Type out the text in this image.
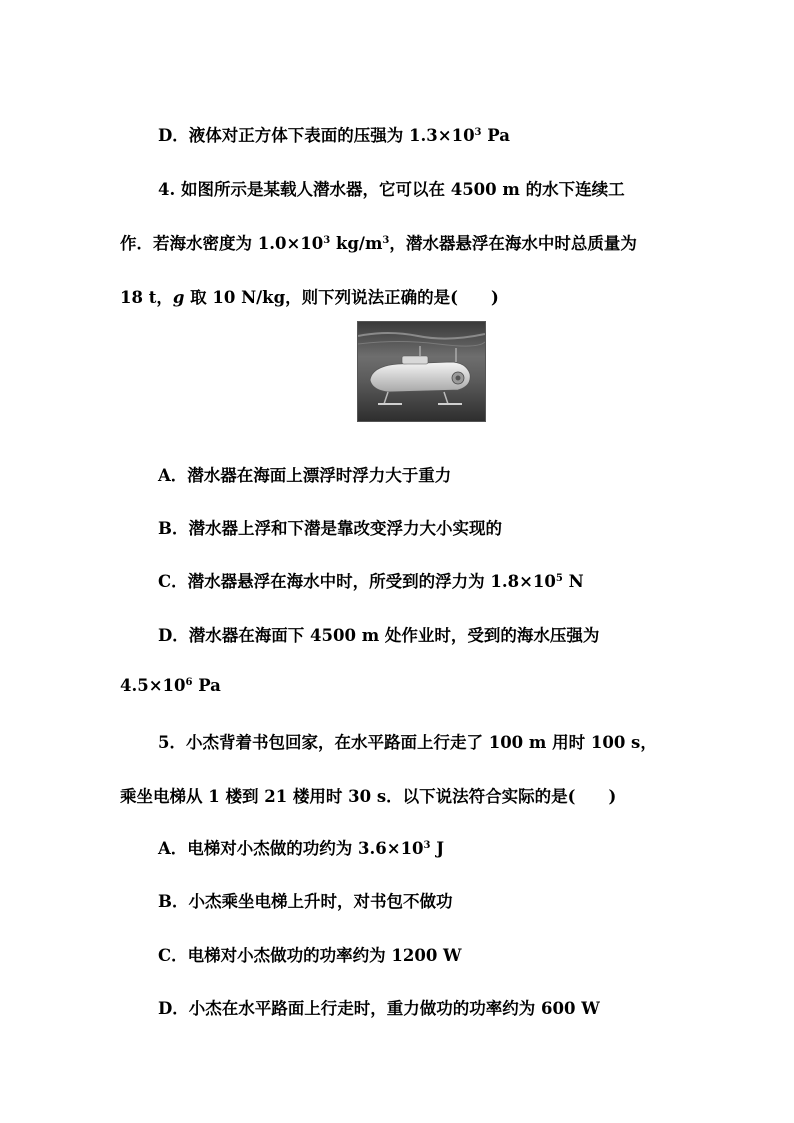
D．液体对正方体下表面的压强为 $1.3\times 10^3$ Pa
4. 如图所示是某载人潜水器，它可以在 4500 m 的水下连续工
作．若海水密度为 $1.0\times 10^3$ $kg/m^3$，潜水器悬浮在海水中时总质量为
18 t，g 取 10 N/kg，则下列说法正确的是(　　)
A．潜水器在海面上漂浮时浮力大于重力
B．潜水器上浮和下潜是靠改变浮力大小实现的
C．潜水器悬浮在海水中时，所受到的浮力为 $1.8\times 10^5$ N
D．潜水器在海面下 4500 m 处作业时，受到的海水压强为
$4.5\times 10^6$ Pa
5．小杰背着书包回家，在水平路面上行走了 100 m 用时 100 s，
乘坐电梯从 1 楼到 21 楼用时 30 s．以下说法符合实际的是(　　)
A．电梯对小杰做的功约为 $3.6\times 10^3$ J
B．小杰乘坐电梯上升时，对书包不做功
C．电梯对小杰做功的功率约为 1200 W
D．小杰在水平路面上行走时，重力做功的功率约为 600 W
